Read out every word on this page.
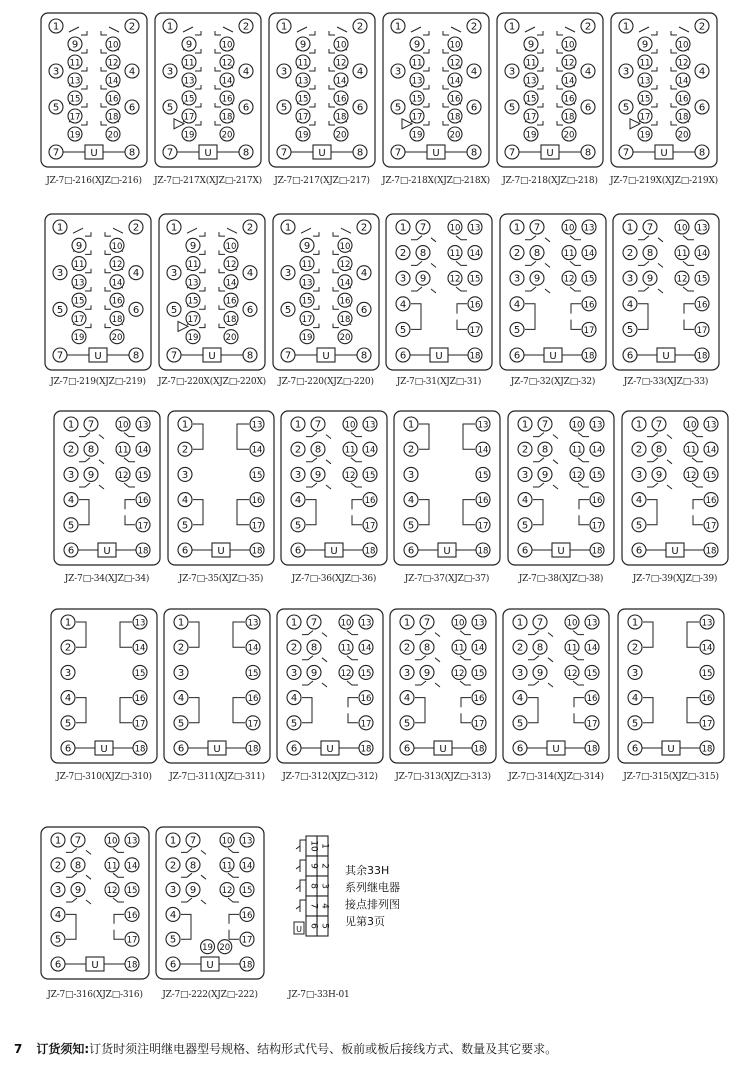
U
1	2
9	10
11	12
3	4
13	14
15	16
5	6
17	18
19	20
7	8
JZ-7□-216(XJZ□-216)
U
1	2
9	10
11	12
3	4
13	14
15	16
5	6
17	18
19	20
7	8
JZ-7□-217X(XJZ□-217X)
U
1	2
9	10
11	12
3	4
13	14
15	16
5	6
17	18
19	20
7	8
JZ-7□-217(XJZ□-217)
U
1	2
9	10
11	12
3	4
13	14
15	16
5	6
17	18
19	20
7	8
JZ-7□-218X(XJZ□-218X)
U
1	2
9	10
11	12
3	4
13	14
15	16
5	6
17	18
19	20
7	8
JZ-7□-218(XJZ□-218)
U
1	2
9	10
11	12
3	4
13	14
15	16
5	6
17	18
19	20
7	8
JZ-7□-219X(XJZ□-219X)
U
1	2
9	10
11	12
3	4
13	14
15	16
5	6
17	18
19	20
7	8
JZ-7□-219(XJZ□-219)
U
1	2
9	10
11	12
3	4
13	14
15	16
5	6
17	18
19	20
7	8
JZ-7□-220X(XJZ□-220X)
U
1	2
9	10
11	12
3	4
13	14
15	16
5	6
17	18
19	20
7	8
JZ-7□-220(XJZ□-220)
U
1 7	10 13
2 8	11 14
3 9	12 15
4	16
5	17
6	18
JZ-7□-31(XJZ□-31)
U
1 7	10 13
2 8	11 14
3 9	12 15
4	16
5	17
6	18
JZ-7□-32(XJZ□-32)
U
1 7	10 13
2 8	11 14
3 9	12 15
4	16
5	17
6	18
JZ-7□-33(XJZ□-33)
U
1 7	10 13
2 8	11 14
3 9	12 15
4	16
5	17
6	18
JZ-7□-34(XJZ□-34)
U
1	13
2	14
3	15
4	16
5	17
6	18
JZ-7□-35(XJZ□-35)
U
1 7	10 13
2 8	11 14
3 9	12 15
4	16
5	17
6	18
JZ-7□-36(XJZ□-36)
U
1	13
2	14
3	15
4	16
5	17
6	18
JZ-7□-37(XJZ□-37)
U
1 7	10 13
2 8	11 14
3 9	12 15
4	16
5	17
6	18
JZ-7□-38(XJZ□-38)
U
1 7	10 13
2 8	11 14
3 9	12 15
4	16
5	17
6	18
JZ-7□-39(XJZ□-39)
U
1	13
2	14
3	15
4	16
5	17
6	18
JZ-7□-310(XJZ□-310)
U
1	13
2	14
3	15
4	16
5	17
6	18
JZ-7□-311(XJZ□-311)
U
1 7	10 13
2 8	11 14
3 9	12 15
4	16
5	17
6	18
JZ-7□-312(XJZ□-312)
U
1 7	10 13
2 8	11 14
3 9	12 15
4	16
5	17
6	18
JZ-7□-313(XJZ□-313)
U
1 7	10 13
2 8	11 14
3 9	12 15
4	16
5	17
6	18
JZ-7□-314(XJZ□-314)
U
1	13
2	14
3	15
4	16
5	17
6	18
JZ-7□-315(XJZ□-315)
U
1 7	10 13
2 8	11 14
3 9	12 15
4	16
5	17
6	18
JZ-7□-316(XJZ□-316)
U
1 7	10 13
2 8	11 14
3 9	12 15
4	16
5
19 20
17
6	18
JZ-7□-222(XJZ□-222)
1
10
2
9
3
8
4
7
5
6
U
JZ-7□-33H-01
其余33H
系列继电器
接点排列图
见第3页
7 订货须知:订货时须注明继电器型号规格、结构形式代号、板前或板后接线方式、数量及其它要求。
